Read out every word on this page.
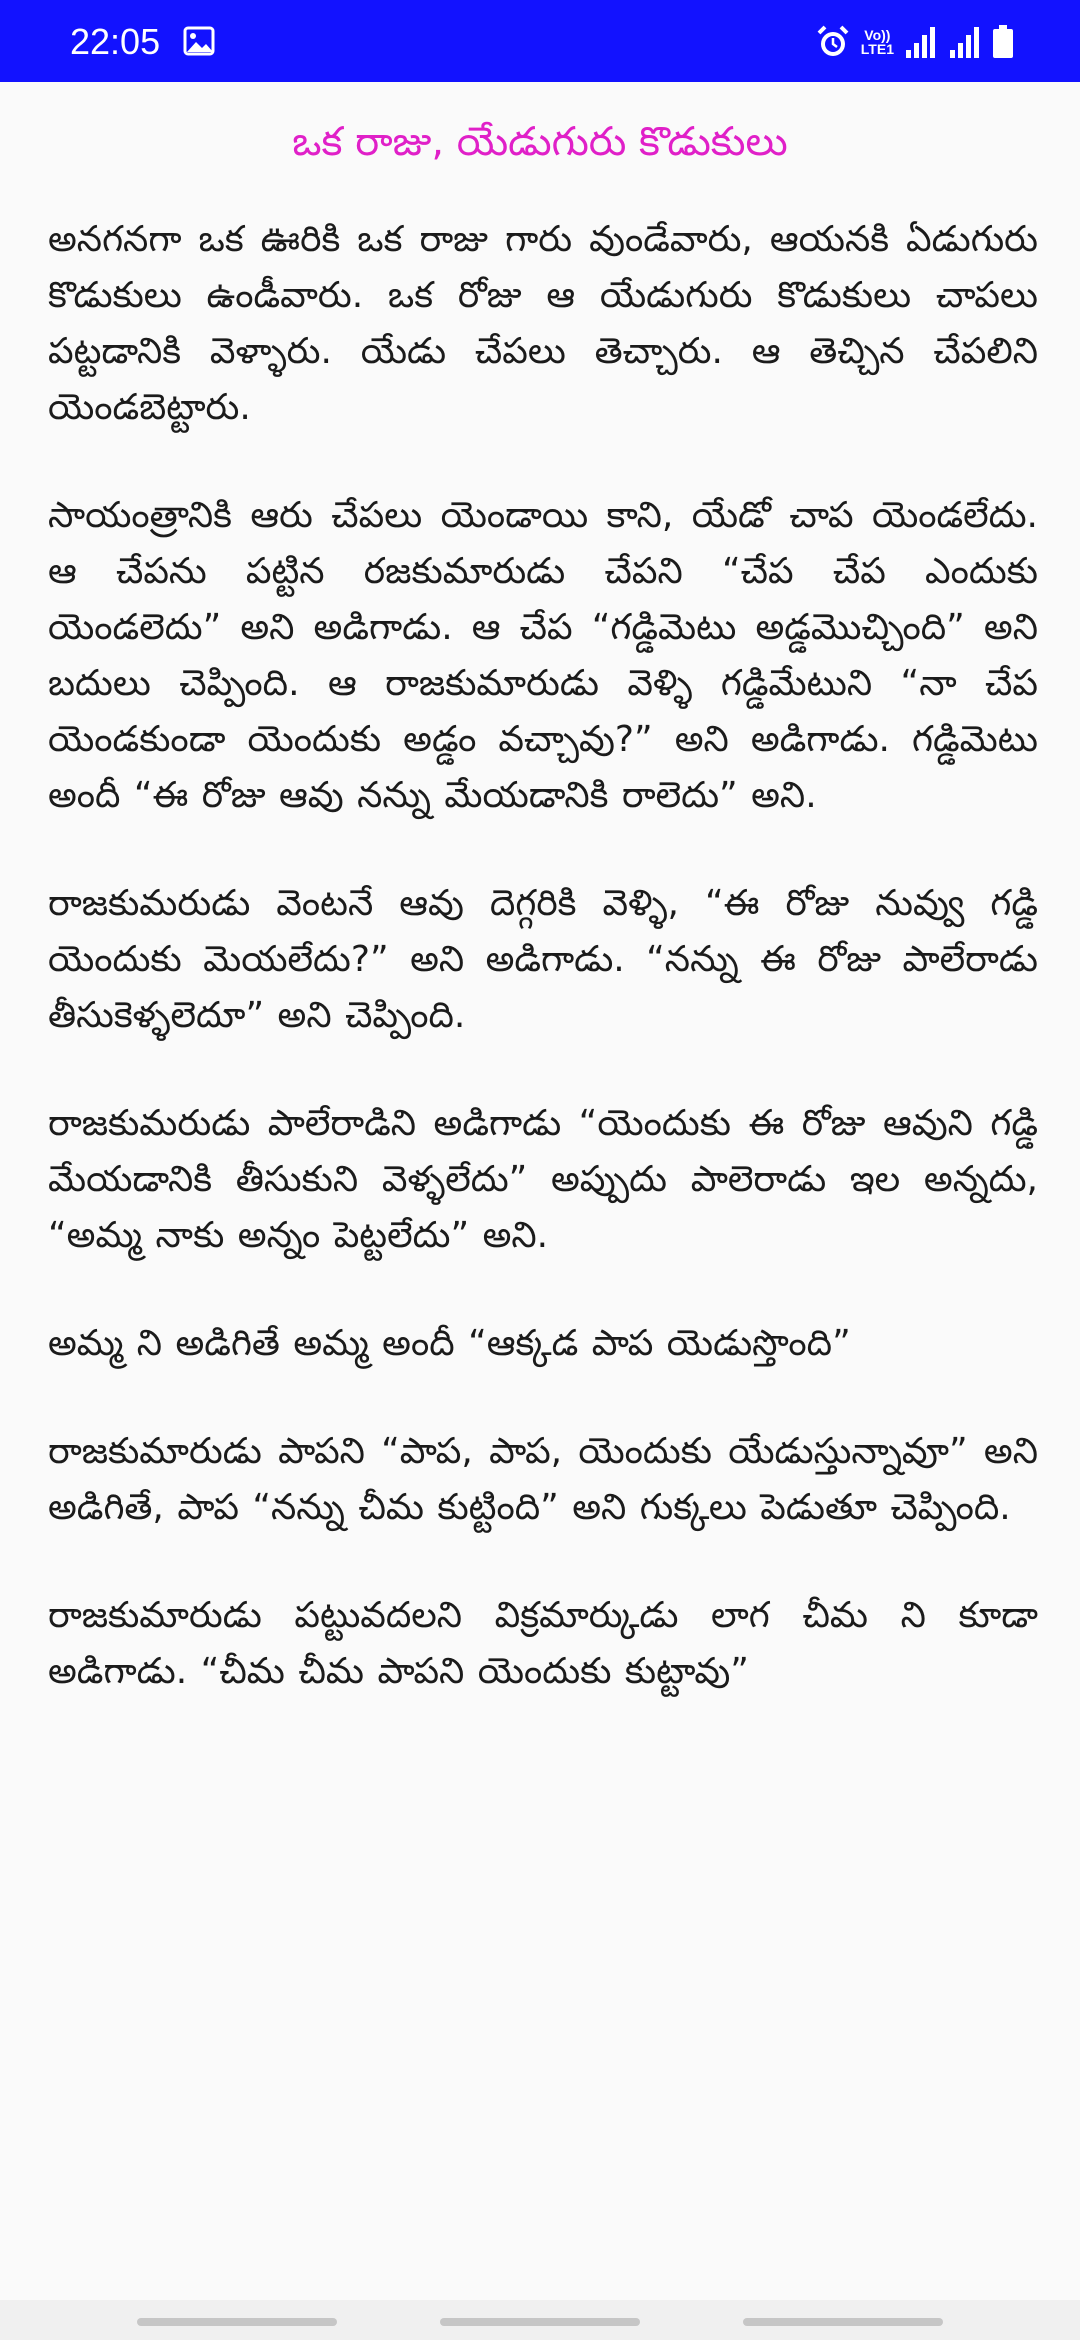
22:05	Vo))
LTE1
ఒక రాజు, యేడుగురు కొడుకులు

అనగనగా ఒక ఊరికి ఒక రాజు గారు వుండేవారు, ఆయనకి ఏడుగురు కొడుకులు ఉండీవారు. ఒక రోజు ఆ యేడుగురు కొడుకులు చాపలు పట్టడానికి వెళ్ళారు. యేడు చేపలు తెచ్చారు. ఆ తెచ్చిన చేపలిని యెండబెట్టారు.

సాయంత్రానికి ఆరు చేపలు యెండాయి కాని, యేడో చాప యెండలేదు. ఆ చేపను పట్టిన రజకుమారుడు చేపని “చేప చేప ఎందుకు యెండలెదు” అని అడిగాడు. ఆ చేప “గడ్డిమెటు అడ్డమొచ్చింది” అని బదులు చెప్పింది. ఆ రాజకుమారుడు వెళ్ళి గడ్డిమేటుని “నా చేప యెండకుండా యెందుకు అడ్డం వచ్చావు?” అని అడిగాడు. గడ్డిమెటు అందీ “ఈ రోజు ఆవు నన్ను మేయడానికి రాలెదు” అని.

రాజకుమరుడు వెంటనే ఆవు దెగ్గరికి వెళ్ళి, “ఈ రోజు నువ్వు గడ్డి యెందుకు మెయలేదు?” అని అడిగాడు. “నన్ను ఈ రోజు పాలేరాడు తీసుకెళ్ళలెదూ” అని చెప్పింది.

రాజకుమరుడు పాలేరాడిని అడిగాడు “యెందుకు ఈ రోజు ఆవుని గడ్డి మేయడానికి తీసుకుని వెళ్ళలేదు” అప్పుదు పాలెరాడు ఇల అన్నదు, “అమ్మ నాకు అన్నం పెట్టలేదు” అని.

అమ్మ ని అడిగితే అమ్మ అందీ “ఆక్కడ పాప యెడుస్తొంది”

రాజకుమారుడు పాపని “పాప, పాప, యెందుకు యేడుస్తున్నావూ” అని అడిగితే, పాప “నన్ను చీమ కుట్టింది” అని గుక్కలు పెడుతూ చెప్పింది.

రాజకుమారుడు పట్టువదలని విక్రమార్కుడు లాగ చీమ ని కూడా అడిగాడు. “చీమ చీమ పాపని యెందుకు కుట్టావు”
